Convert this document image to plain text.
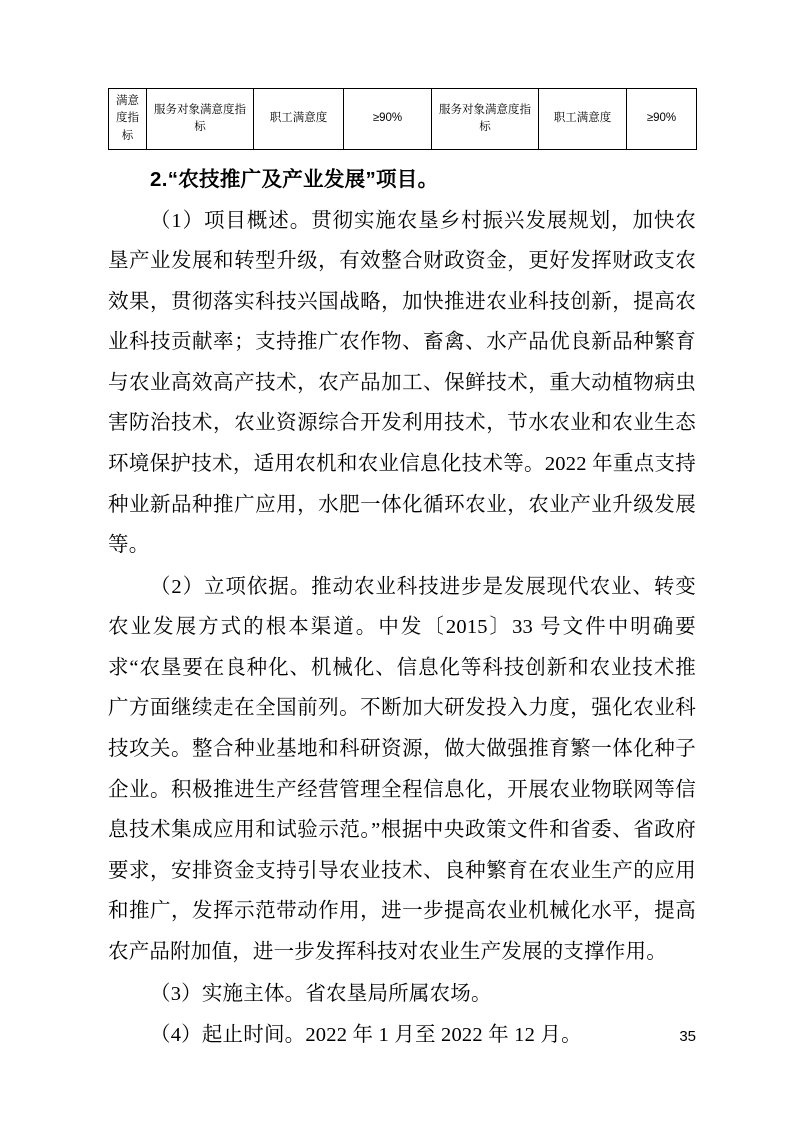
满意度指标	服务对象满意度指标	职工满意度	≥90%	服务对象满意度指标	职工满意度	≥90%
2.“农技推广及产业发展”项目。

（1）项目概述。贯彻实施农垦乡村振兴发展规划，加快农垦产业发展和转型升级，有效整合财政资金，更好发挥财政支农效果，贯彻落实科技兴国战略，加快推进农业科技创新，提高农业科技贡献率；支持推广农作物、畜禽、水产品优良新品种繁育与农业高效高产技术，农产品加工、保鲜技术，重大动植物病虫害防治技术，农业资源综合开发利用技术，节水农业和农业生态环境保护技术，适用农机和农业信息化技术等。2022 年重点支持种业新品种推广应用，水肥一体化循环农业，农业产业升级发展等。

（2）立项依据。推动农业科技进步是发展现代农业、转变农业发展方式的根本渠道。中发〔2015〕33 号文件中明确要求“农垦要在良种化、机械化、信息化等科技创新和农业技术推广方面继续走在全国前列。不断加大研发投入力度，强化农业科技攻关。整合种业基地和科研资源，做大做强推育繁一体化种子企业。积极推进生产经营管理全程信息化，开展农业物联网等信息技术集成应用和试验示范。”根据中央政策文件和省委、省政府要求，安排资金支持引导农业技术、良种繁育在农业生产的应用和推广，发挥示范带动作用，进一步提高农业机械化水平，提高农产品附加值，进一步发挥科技对农业生产发展的支撑作用。

（3）实施主体。省农垦局所属农场。

（4）起止时间。2022 年 1 月至 2022 年 12 月。	35
